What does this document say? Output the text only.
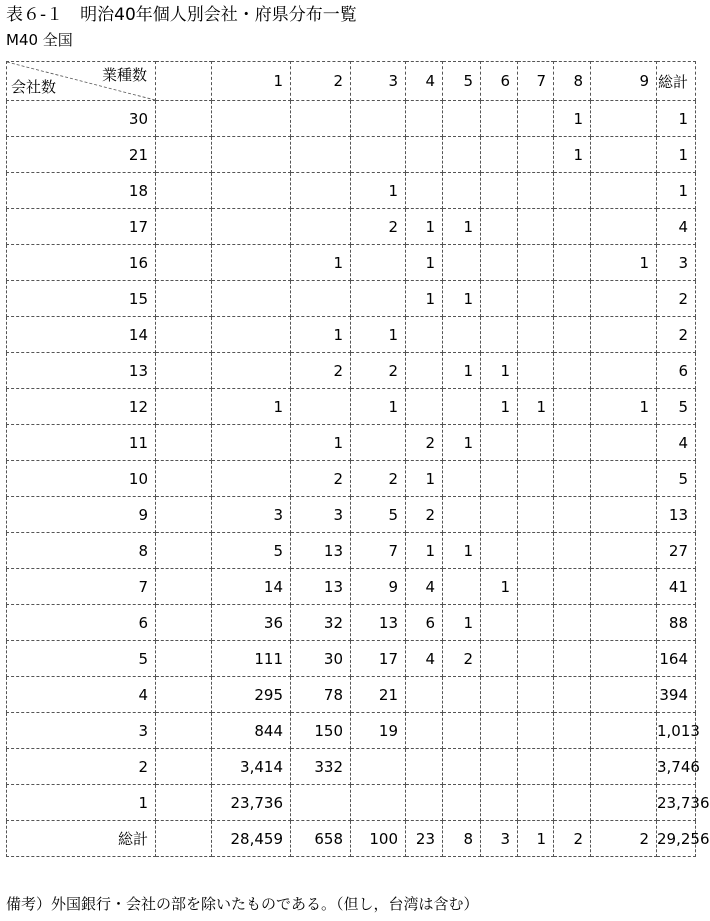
表６-１　明治40年個人別会社・府県分布一覧
M40 全国
業種数
会社数		1	2	3	4	5	6	7	8	9	総計
30									1		1
21									1		1
18				1							1
17				2	1	1					4
16			1		1					1	3
15					1	1					2
14			1	1							2
13			2	2		1	1				6
12		1		1			1	1		1	5
11			1		2	1					4
10			2	2	1						5
9		3	3	5	2						13
8		5	13	7	1	1					27
7		14	13	9	4		1				41
6		36	32	13	6	1					88
5		111	30	17	4	2					164
4		295	78	21							394
3		844	150	19							1,013
2		3,414	332								3,746
1		23,736									23,736
総計		28,459	658	100	23	8	3	1	2	2	29,256
備考）外国銀行・会社の部を除いたものである。（但し，台湾は含む）
